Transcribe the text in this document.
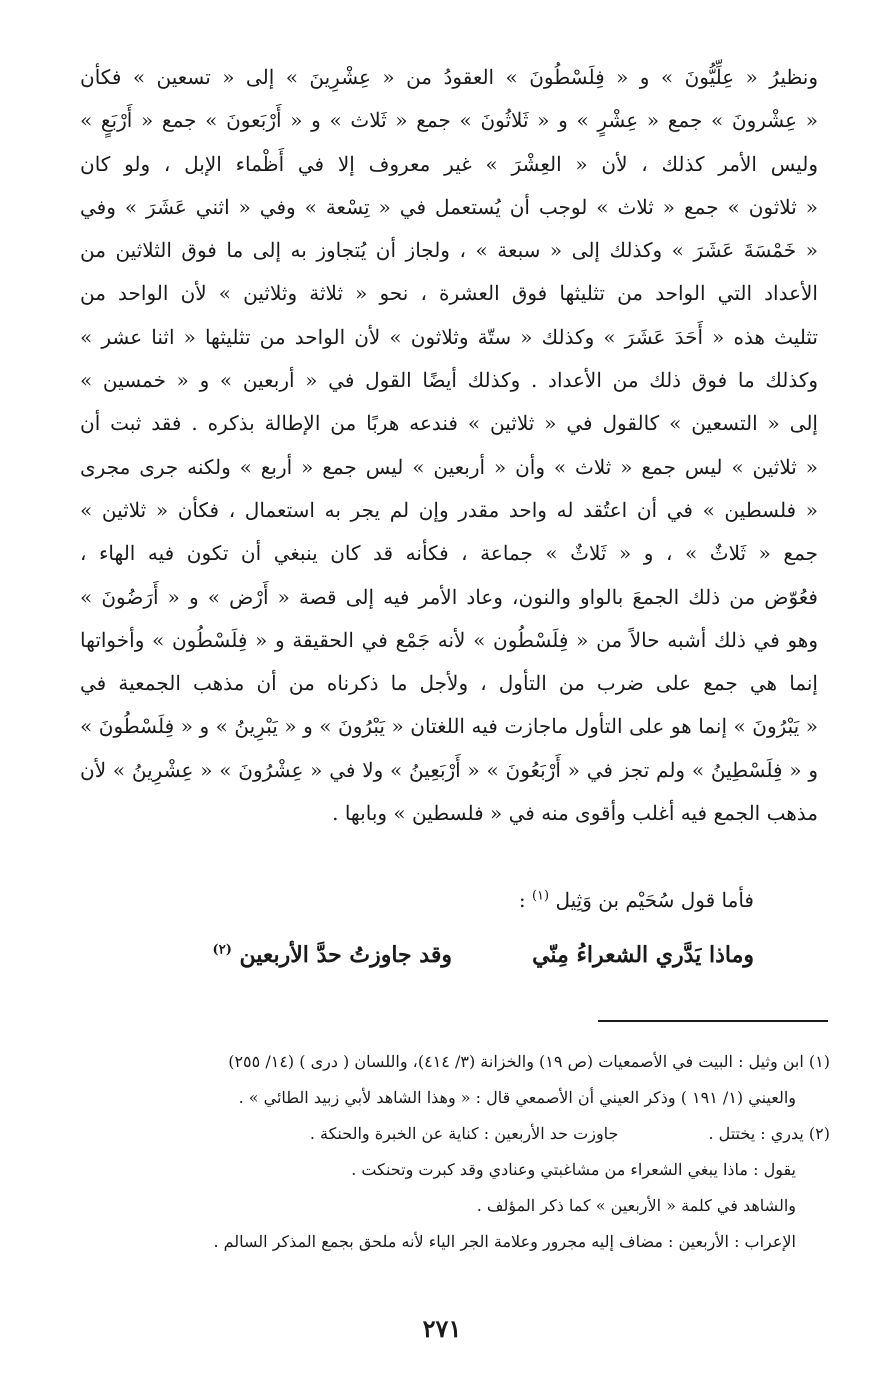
ونظيرُ « عِلِّيُّونَ » و « فِلَسْطُونَ » العقودُ من « عِشْرِينَ » إلى « تسعين » فكأن
« عِشْرونَ » جمع « عِشْرٍ » و « ثَلاثُونَ » جمع « ثَلاث » و « أَرْبَعونَ » جمع « أَرْبَعٍ »
وليس الأمر كذلك ، لأن « العِشْرَ » غير معروف إلا في أَظْماء الإبل ، ولو كان
« ثلاثون » جمع « ثلاث » لوجب أن يُستعمل في « تِسْعة » وفي « اثني عَشَرَ » وفي
« خَمْسَةَ عَشَرَ » وكذلك إلى « سبعة » ، ولجاز أن يُتجاوز به إلى ما فوق الثلاثين من
الأعداد التي الواحد من تثليثها فوق العشرة ، نحو « ثلاثة وثلاثين » لأن الواحد من
تثليث هذه « أَحَدَ عَشَرَ » وكذلك « ستّة وثلاثون » لأن الواحد من تثليثها « اثنا عشر »
وكذلك ما فوق ذلك من الأعداد . وكذلك أيضًا القول في « أربعين » و « خمسين »
إلى « التسعين » كالقول في « ثلاثين » فندعه هربًا من الإطالة بذكره . فقد ثبت أن
« ثلاثين » ليس جمع « ثلاث » وأن « أربعين » ليس جمع « أربع » ولكنه جرى مجرى
« فلسطين » في أن اعتُقد له واحد مقدر وإن لم يجر به استعمال ، فكأن « ثلاثين »
جمع « ثَلاثٌ » ، و « ثَلاثٌ » جماعة ، فكأنه قد كان ينبغي أن تكون فيه الهاء ،
فعُوّض من ذلك الجمعَ بالواو والنون، وعاد الأمر فيه إلى قصة « أَرْض » و « أَرَضُونَ »
وهو في ذلك أشبه حالاً من « فِلَسْطُون » لأنه جَمْع في الحقيقة و « فِلَسْطُون » وأخواتها
إنما هي جمع على ضرب من التأول ، ولأجل ما ذكرناه من أن مذهب الجمعية في
« يَبْرُونَ » إنما هو على التأول ماجازت فيه اللغتان « يَبْرُونَ » و « يَبْرِينُ » و « فِلَسْطُونَ »
و « فِلَسْطِينُ » ولم تجز في « أَرْبَعُونَ » « أَرْبَعِينُ » ولا في « عِشْرُونَ » « عِشْرِينُ » لأن
مذهب الجمع فيه أغلب وأقوى منه في « فلسطين » وبابها .
فأما قول سُحَيْم بن وَثِيل $^{(١)}$ :
وماذا يَدَّري الشعراءُ مِنّي
وقد جاوزتُ حدَّ الأربعين $^{(٢)}$
(١) ابن وثيل : البيت في الأصمعيات (ص ١٩) والخزانة (٣/ ٤١٤)، واللسان ( درى ) (١٤/ ٢٥٥)
والعيني (١/ ١٩١ ) وذكر العيني أن الأصمعي قال : « وهذا الشاهد لأبي زبيد الطائي » .
(٢) يدري : يختتل .جاوزت حد الأربعين : كناية عن الخبرة والحنكة .
يقول : ماذا يبغي الشعراء من مشاغبتي وعنادي وقد كبرت وتحنكت .
والشاهد في كلمة « الأربعين » كما ذكر المؤلف .
الإعراب : الأربعين : مضاف إليه مجرور وعلامة الجر الياء لأنه ملحق بجمع المذكر السالم .
٢٧١
